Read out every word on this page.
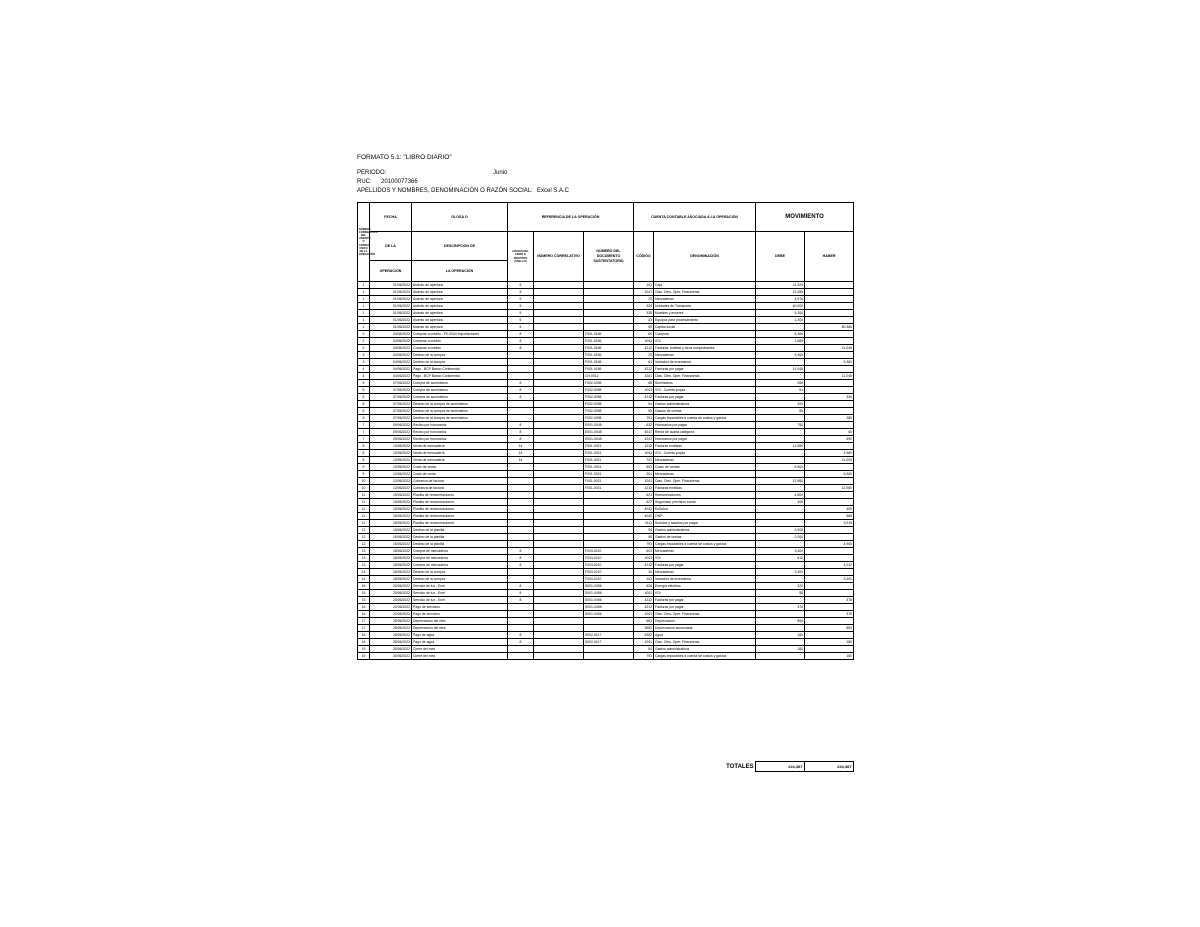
FORMATO 5.1: "LIBRO DIARIO"
PERIODO:	Junio
RUC: 20100077366
APELLIDOS Y NOMBRES, DENOMINACIÓN O RAZÓN SOCIAL: Excel S.A.C
NÚMERO CORRELATIVO DEL ASIENTO O CÓDIGO ÚNICO DE LA OPERACIÓN	FECHA	GLOSA O	REFERENCIA DE LA OPERACIÓN			CUENTA CONTABLE ASOCIADA A LA OPERACIÓN		MOVIMIENTO	
	DE LA	DESCRIPCIÓN DE	CÓDIGO DEL LIBRO O REGISTRO (TABLA 8)	NÚMERO CORRELATIVO	NÚMERO DEL DOCUMENTO SUSTENTATORIO	CÓDIGO	DENOMINACIÓN	DEBE	HABER
	OPERACIÓN	LA OPERACIÓN							
1	01/06/2022	Asiento de apertura	5			101	Caja	11,325	
1	01/06/2022	Asiento de apertura	5			1041	Ctas. Ctes. Oper. Financieras	13,455	
1	01/06/2022	Asiento de apertura	5			20	Mercaderías	4,976	
1	01/06/2022	Asiento de apertura	5			334	Unidades de Transporte	40,000	
1	01/06/2022	Asiento de apertura	5			335	Muebles y enseres	5,300	
1	01/06/2022	Asiento de apertura	5			33	Equipos para procesamiento	1,300	
1	01/06/2022	Asiento de apertura	5			50	Capital social		80,386
2	04/06/2022	Compras a crédito - FE-0344 Importaciones	8		F001-0156	60	Compras	9,360	
2	04/06/2022	Compras a crédito	8		F001-0156	4011	IGV	1,685	
2	04/06/2022	Compras a crédito	8		F001-0156	4212	Facturas, boletas y otros comprobantes		11,045
3	04/06/2022	Destino de la compra			F001-0156	20	Mercaderías	9,360	
3	04/06/2022	Destino de la compra			F001-0156	61	Variación de inventarios		9,360
4	04/06/2022	Pago - BCP Banco Continental			F001-0156	4212	Facturas por pagar	11,045	
4	04/06/2022	Pago - BCP Banco Continental			CH-0012	1041	Ctas. Ctes. Oper. Financieras		11,045
5	07/06/2022	Compra de suministros	8		F002-0098	65	Suministros	285	
5	07/06/2022	Compra de suministros	8		F002-0098	4011	IGV - Cuenta propia	51	
5	07/06/2022	Compra de suministros	8		F002-0098	4212	Facturas por pagar		336
6	07/06/2022	Destino de la compra de suministros			F002-0098	94	Gastos administrativos	200	
6	07/06/2022	Destino de la compra de suministros			F002-0098	95	Gastos de ventas	85	
6	07/06/2022	Destino de la compra de suministros			F002-0098	791	Cargas imputables a cuenta de costos y gastos		285
7	09/06/2022	Recibo por honorarios	8		E001-0045	632	Honorarios por pagar	750	
7	09/06/2022	Recibo por honorarios	8		E001-0045	4017	Renta de cuarta categoría		60
7	09/06/2022	Recibo por honorarios	8		E001-0045	4241	Honorarios por pagar		690
8	10/06/2022	Venta de mercadería	14		F001-0021	1212	Facturas emitidas	12,980	
8	10/06/2022	Venta de mercadería	14		F001-0021	4011	IGV - Cuenta propia		1,980
8	10/06/2022	Venta de mercadería	14		F001-0021	701	Mercaderías		11,000
9	10/06/2022	Costo de venta			F001-0021	691	Costo de ventas	6,500	
9	10/06/2022	Costo de venta			F001-0021	201	Mercaderías		6,500
10	12/06/2022	Cobranza de factura			F001-0021	1041	Ctas. Ctes. Oper. Financieras	12,980	
10	12/06/2022	Cobranza de factura			F001-0021	1212	Facturas emitidas		12,980
11	15/06/2022	Planilla de remuneraciones				621	Remuneraciones	4,500	
11	15/06/2022	Planilla de remuneraciones				627	Seguridad, previsión social	405	
11	15/06/2022	Planilla de remuneraciones				4031	EsSalud		405
11	15/06/2022	Planilla de remuneraciones				4032	ONP		585
11	15/06/2022	Planilla de remuneraciones				4111	Sueldos y salarios por pagar		3,915
12	15/06/2022	Destino de la planilla				94	Gastos administrativos	2,905	
12	15/06/2022	Destino de la planilla				95	Gastos de ventas	2,000	
12	15/06/2022	Destino de la planilla				791	Cargas imputables a cuenta de costos y gastos		4,905
13	18/06/2022	Compra de mercadería	8		F003-0210	601	Mercaderías	3,400	
13	18/06/2022	Compra de mercadería	8		F003-0210	4011	IGV	612	
13	18/06/2022	Compra de mercadería	8		F003-0210	4212	Facturas por pagar		4,012
14	18/06/2022	Destino de la compra			F003-0210	20	Mercaderías	3,400	
14	18/06/2022	Destino de la compra			F003-0210	611	Variación de inventarios		3,400
15	20/06/2022	Servicio de luz - Enel	8		S001-0456	636	Energía eléctrica	320	
15	20/06/2022	Servicio de luz - Enel	8		S001-0456	4011	IGV	58	
15	20/06/2022	Servicio de luz - Enel	8		S001-0456	4212	Facturas por pagar		378
16	22/06/2022	Pago de servicios			S001-0456	4212	Facturas por pagar	378	
16	22/06/2022	Pago de servicios			S001-0456	1041	Ctas. Ctes. Oper. Financieras		378
17	25/06/2022	Depreciación del mes				681	Depreciación	850	
17	25/06/2022	Depreciación del mes				3953	Depreciación acumulada		850
18	28/06/2022	Pago de agua	8		S002-0117	6352	Agua	180	
18	28/06/2022	Pago de agua	8		S002-0117	1041	Ctas. Ctes. Oper. Financieras		180
19	30/06/2022	Cierre del mes				94	Gastos administrativos	180	
19	30/06/2022	Cierre del mes				791	Cargas imputables a cuenta de costos y gastos		180
TOTALES	224,387	224,387
